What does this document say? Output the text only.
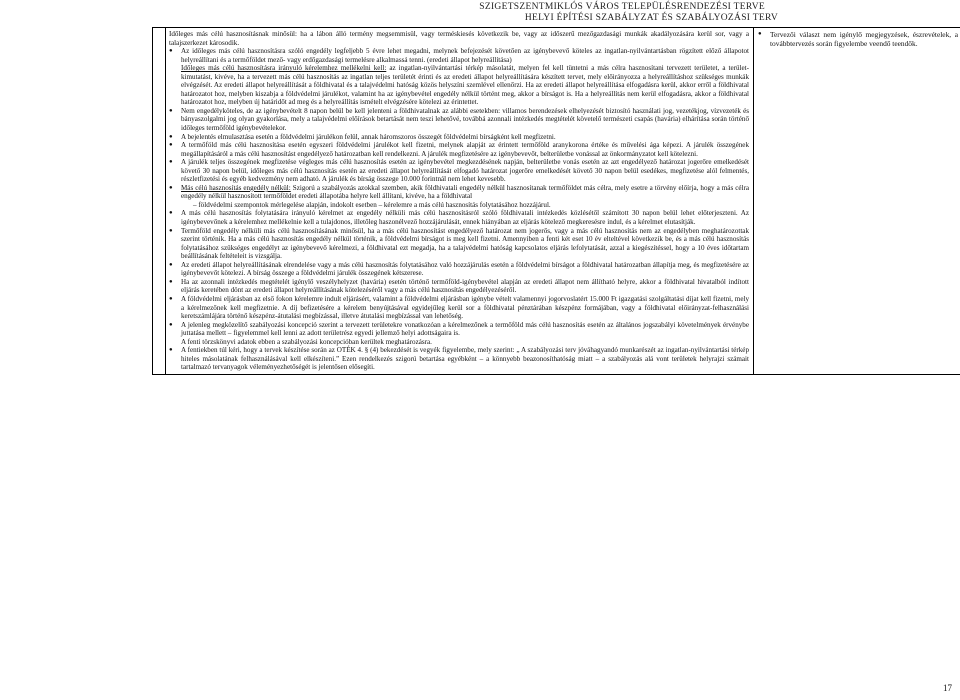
SZIGETSZENTMIKLÓS VÁROS TELEPÜLÉSRENDEZÉSI TERVE
HELYI ÉPÍTÉSI SZABÁLYZAT ÉS SZABÁLYOZÁSI TERV

Időleges más célú hasznosításnak minősül: ha a lábon álló termény megsemmisül, vagy terméskiesés következik be, vagy az időszerű mezőgazdasági munkák akadályozására kerül sor, vagy a talajszerkezet károsodik.

● Az időleges más célú hasznosításra szóló engedély legfeljebb 5 évre lehet megadni, melynek befejezését követően az igénybevevő köteles az ingatlan-nyilvántartásban rögzített előző állapotot helyreállítani és a termőföldet mező- vagy erdőgazdasági termelésre alkalmassá tenni. (eredeti állapot helyreállítása)

Időleges más célú hasznosításra irányuló kérelemhez mellékelni kell: az ingatlan-nyilvántartási térkép másolatát, melyen fel kell tüntetni a más célra hasznosítani tervezett területet, a terület-kimutatást, kivéve, ha a tervezett más célú hasznosítás az ingatlan teljes területét érinti és az eredeti állapot helyreállítására készített tervet, mely előirányozza a helyreállításhoz szükséges munkák elvégzését. Az eredeti állapot helyreállítását a földhivatal és a talajvédelmi hatóság közös helyszíni szemlével ellenőrzi. Ha az eredeti állapot helyreállítása elfogadásra kerül, akkor erről a földhivatal határozatot hoz, melyben kiszabja a földvédelmi járulékot, valamint ha az igénybevétel engedély nélkül történt meg, akkor a bírságot is. Ha a helyreállítás nem kerül elfogadásra, akkor a földhivatal határozatot hoz, melyben új határidőt ad meg és a helyreállítás ismételt elvégzésére kötelezi az érintettet.

● Nem engedélyköteles, de az igénybevételt 8 napon belül be kell jelenteni a földhivatalnak az alábbi esetekben: villamos berendezések elhelyezését biztosító használati jog, vezetékjog, vízvezeték és bányaszolgalmi jog olyan gyakorlása, mely a talajvédelmi előírások betartását nem teszi lehetővé, továbbá azonnali intézkedés megtételét követelő természeti csapás (havária) elhárítása során történő időleges termőföld igénybevételekor.

● A bejelentés elmulasztása esetén a földvédelmi járulékon felül, annak háromszoros összegét földvédelmi bírságként kell megfizetni.

● A termőföld más célú hasznosítása esetén egyszeri földvédelmi járulékot kell fizetni, melynek alapját az érintett termőföld aranykorona értéke és művelési ága képezi. A járulék összegének megállapításáról a más célú hasznosítást engedélyező határozatban kell rendelkezni. A járulék megfizetésére az igénybevevőt, belterületbe vonással az önkormányzatot kell kötelezni.

● A járulék teljes összegének megfizetése végleges más célú hasznosítás esetén az igénybevétel megkezdésének napján, belterületbe vonás esetén az azt engedélyező határozat jogerőre emelkedését követő 30 napon belül, időleges más célú hasznosítás esetén az eredeti állapot helyreállítását elfogadó határozat jogerőre emelkedését követő 30 napon belül esedékes, megfizetése alól felmentés, részletfizetési és egyéb kedvezmény nem adható. A járulék és bírság összege 10.000 forintnál nem lehet kevesebb.

● Más célú hasznosítás engedély nélkül: Szigorú a szabályozás azokkal szemben, akik földhivatali engedély nélkül hasznosítanak termőföldet más célra, mely esetre a törvény előírja, hogy a más célra engedély nélkül hasznosított termőföldet eredeti állapotába helyre kell állítani, kivéve, ha a földhivatal

– földvédelmi szempontok mérlegelése alapján, indokolt esetben – kérelemre a más célú hasznosítás folytatásához hozzájárul.

● A más célú hasznosítás folytatására irányuló kérelmet az engedély nélküli más célú hasznosításról szóló földhivatali intézkedés közlésétől számított 30 napon belül lehet előterjeszteni. Az igénybevevőnek a kérelemhez mellékelnie kell a tulajdonos, illetőleg haszonélvező hozzájárulását, ennek hiányában az eljárás kötelező megkeresésre indul, és a kérelmet elutasítják.

● Termőföld engedély nélküli más célú hasznosításának minősül, ha a más célú hasznosítást engedélyező határozat nem jogerős, vagy a más célú hasznosítás nem az engedélyben meghatározottak szerint történik. Ha a más célú hasznosítás engedély nélkül történik, a földvédelmi bírságot is meg kell fizetni. Amennyiben a fenti két eset 10 év elteltével következik be, és a más célú hasznosítás folytatásához szükséges engedélyt az igénybevevő kérelmezi, a földhivatal ezt megadja, ha a talajvédelmi hatóság kapcsolatos eljárás lefolytatását, azzal a kiegészítéssel, hogy a 10 éves időtartam beállításának feltételeit is vizsgálja.

● Az eredeti állapot helyreállításának elrendelése vagy a más célú hasznosítás folytatásához való hozzájárulás esetén a földvédelmi bírságot a földhivatal határozatban állapítja meg, és megfizetésére az igénybevevőt kötelezi. A bírság összege a földvédelmi járulék összegének kétszerese.

● Ha az azonnali intézkedés megtételét igénylő veszélyhelyzet (havária) esetén történő termőföld-igénybevétel alapján az eredeti állapot nem állítható helyre, akkor a földhivatal hivatalból indított eljárás keretében dönt az eredeti állapot helyreállításának kötelezéséről vagy a más célú hasznosítás engedélyezéséről.

● A földvédelmi eljárásban az első fokon kérelemre indult eljárásért, valamint a földvédelmi eljárásban igénybe vételt valamennyi jogorvoslatért 15.000 Ft igazgatási szolgáltatási díjat kell fizetni, mely a kérelmezőnek kell megfizetnie. A díj befizetésére a kérelem benyújtásával egyidejűleg kerül sor a földhivatal pénztárában készpénz formájában, vagy a földhivatal előirányzat-felhasználási keretszámlájára történő készpénz-átutalási megbízással, illetve átutalási megbízással van lehetőség.

● A jelenleg megközelítő szabályozási koncepció szerint a tervezett területekre vonatkozóan a kérelmezőnek a termőföld más célú hasznosítás esetén az általános jogszabályi követelmények érvénybe juttatása mellett – figyelemmel kell lenni az adott területrész egyedi jellemző helyi adottságaira is.

A fenti törzskönyvi adatok ebben a szabályozási koncepcióban kerültek meghatározásra.

● A fentiekben túl kéri, hogy a tervek készítése során az OTÉK 4. § (4) bekezdését is vegyék figyelembe, mely szerint: „ A szabályozási terv jóváhagyandó munkarészét az ingatlan-nyilvántartási térkép hiteles másolatának felhasználásával kell elkészíteni.” Ezen rendelkezés szigorú betartása egyébként – a könnyebb beazonosíthatóság miatt – a szabályozás alá vont területek helyrajzi számait tartalmazó tervanyagok véleményezhetőségét is jelentősen elősegíti.

● Tervezői választ nem igénylő megjegyzések, észrevételek, a továbbtervezés során figyelembe veendő teendők.
17
